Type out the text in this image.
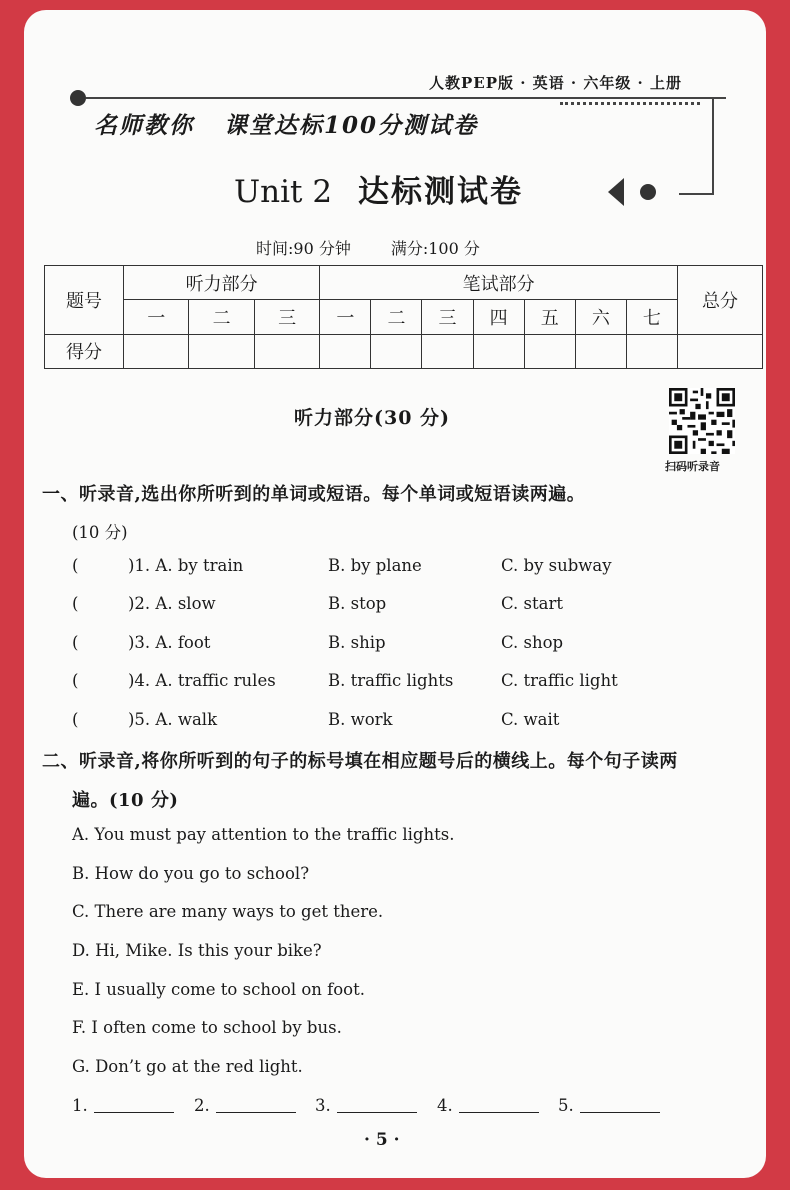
人教PEP版 · 英语 · 六年级 · 上册
名师教你 课堂达标100分测试卷
Unit 2 达标测试卷
时间:90 分钟	满分:100 分
题号	听力部分			笔试部分							总分
	一	二	三	一	二	三	四	五	六	七	
得分											
听力部分(30 分)
扫码听录音
一、听录音,选出你所听到的单词或短语。每个单词或短语读两遍。
(10 分)
(	)1. A. by train	B. by plane	C. by subway
(	)2. A. slow	B. stop	C. start
(	)3. A. foot	B. ship	C. shop
(	)4. A. traffic rules	B. traffic lights	C. traffic light
(	)5. A. walk	B. work	C. wait
二、听录音,将你所听到的句子的标号填在相应题号后的横线上。每个句子读两
遍。(10 分)
A. You must pay attention to the traffic lights.
B. How do you go to school?
C. There are many ways to get there.
D. Hi, Mike. Is this your bike?
E. I usually come to school on foot.
F. I often come to school by bus.
G. Don’t go at the red light.
1.	2.	3.	4.	5.
· 5 ·
